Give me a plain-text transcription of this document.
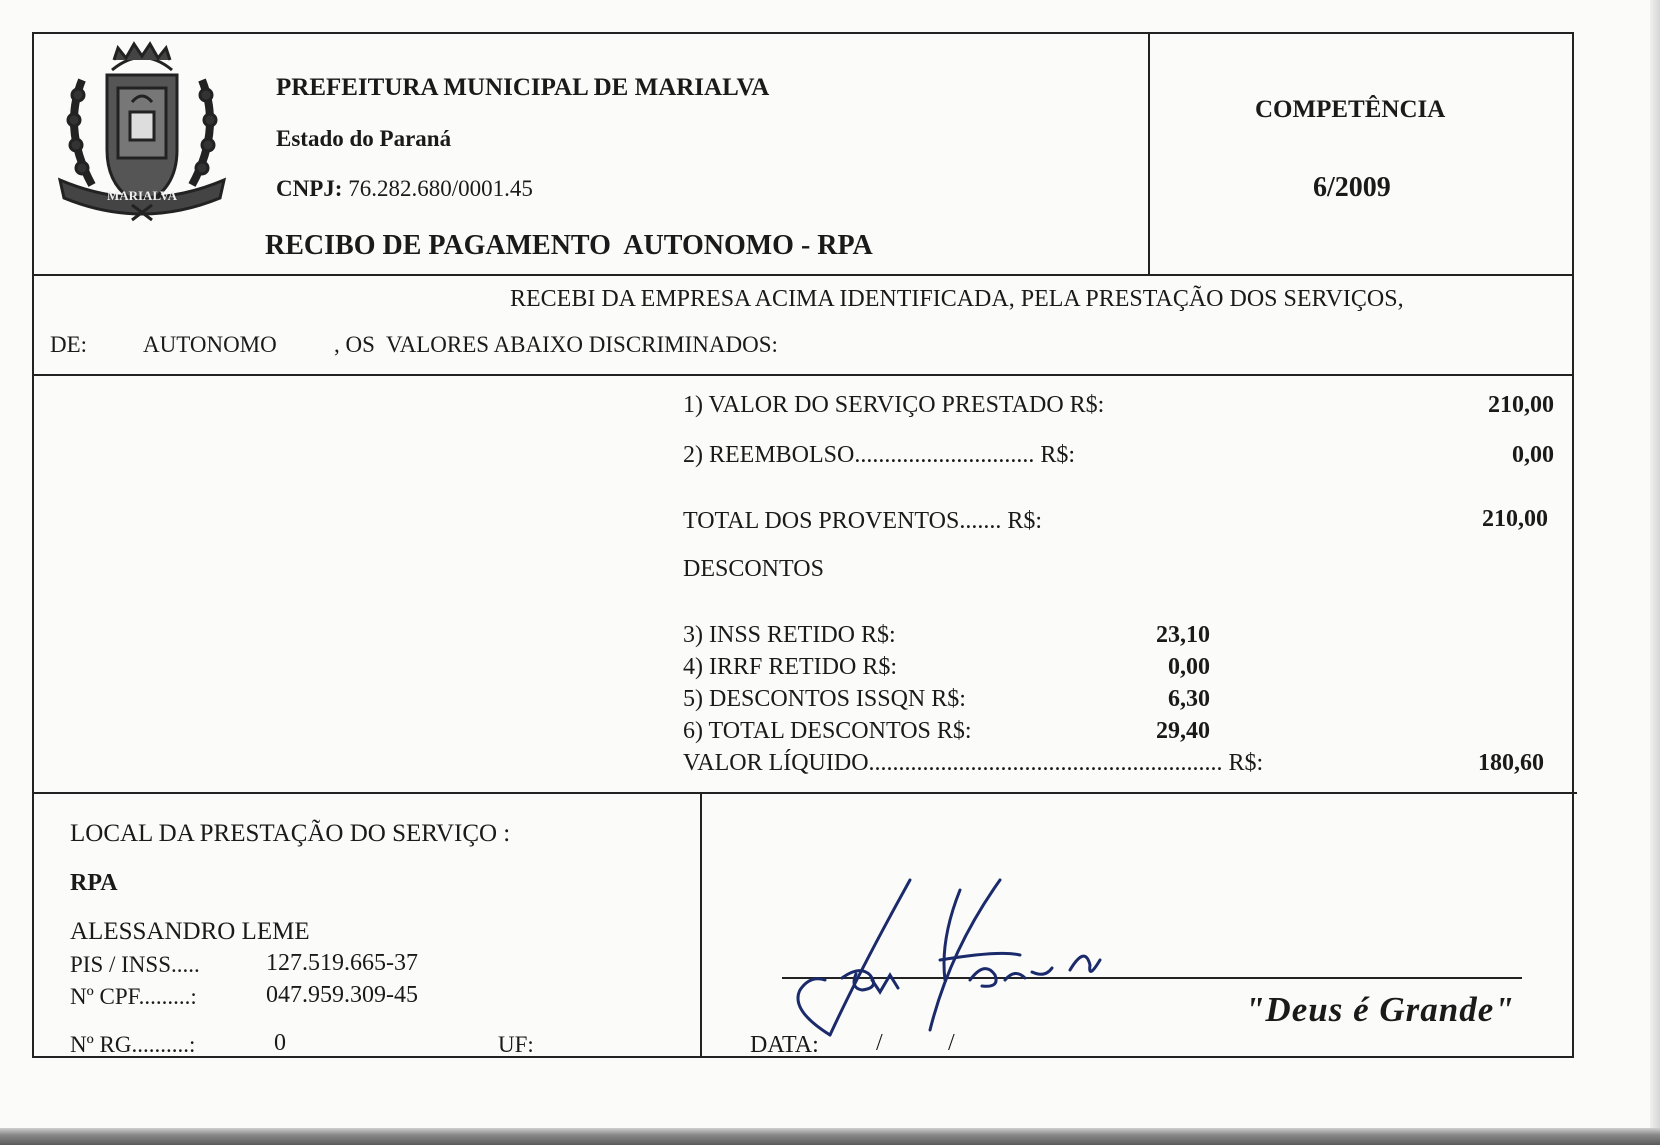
MARIALVA
PREFEITURA MUNICIPAL DE MARIALVA
Estado do Paraná
CNPJ: 76.282.680/0001.45
RECIBO DE PAGAMENTO  AUTONOMO - RPA
COMPETÊNCIA
6/2009
RECEBI DA EMPRESA ACIMA IDENTIFICADA, PELA PRESTAÇÃO DOS SERVIÇOS,
DE: AUTONOMO , OS  VALORES ABAIXO DISCRIMINADOS:
1) VALOR DO SERVIÇO PRESTADO R$:	210,00
2) REEMBOLSO.............................. R$:	0,00
TOTAL DOS PROVENTOS....... R$:	210,00
DESCONTOS
3) INSS RETIDO R$:	23,10
4) IRRF RETIDO R$:	0,00
5) DESCONTOS ISSQN R$:	6,30
6) TOTAL DESCONTOS R$:	29,40
VALOR LÍQUIDO........................................................... R$:	180,60
LOCAL DA PRESTAÇÃO DO SERVIÇO :
RPA
ALESSANDRO LEME
PIS / INSS.....	127.519.665-37
Nº CPF.........:	047.959.309-45
Nº RG..........:	0	UF:	DATA: /	/
"Deus é Grande"
